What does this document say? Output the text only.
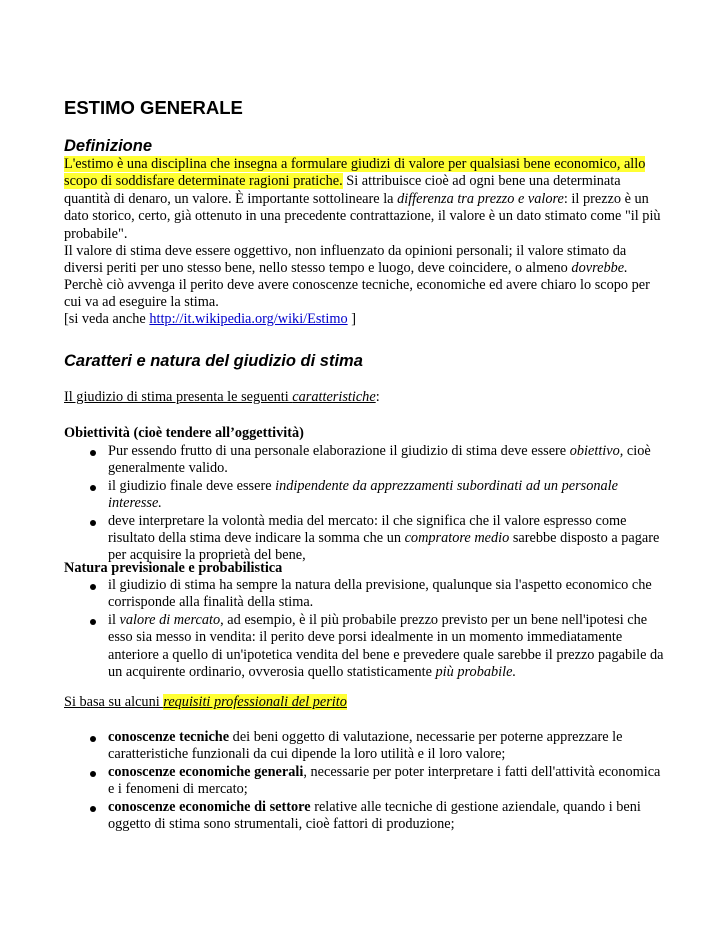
ESTIMO GENERALE
Definizione
L'estimo è una disciplina che insegna a formulare giudizi di valore per qualsiasi bene economico, allo scopo di soddisfare determinate ragioni pratiche. Si attribuisce cioè ad ogni bene una determinata quantità di denaro, un valore. È importante sottolineare la differenza tra prezzo e valore: il prezzo è un dato storico, certo, già ottenuto in una precedente contrattazione, il valore è un dato stimato come "il più probabile".
Il valore di stima deve essere oggettivo, non influenzato da opinioni personali; il valore stimato da diversi periti per uno stesso bene, nello stesso tempo e luogo, deve coincidere, o almeno dovrebbe.
Perchè ciò avvenga il perito deve avere conoscenze tecniche, economiche ed avere chiaro lo scopo per cui va ad eseguire la stima.
[si veda anche http://it.wikipedia.org/wiki/Estimo ]
Caratteri e natura del giudizio di stima
Il giudizio di stima presenta le seguenti caratteristiche:
Obiettività (cioè tendere all’oggettività)
Pur essendo frutto di una personale elaborazione il giudizio di stima deve essere obiettivo, cioè generalmente valido.
il giudizio finale deve essere indipendente da apprezzamenti subordinati ad un personale interesse.
deve interpretare la volontà media del mercato: il che significa che il valore espresso come risultato della stima deve indicare la somma che un compratore medio sarebbe disposto a pagare per acquisire la proprietà del bene,
Natura previsionale e probabilistica
il giudizio di stima ha sempre la natura della previsione, qualunque sia l'aspetto economico che corrisponde alla finalità della stima.
il valore di mercato, ad esempio, è il più probabile prezzo previsto per un bene nell'ipotesi che esso sia messo in vendita: il perito deve porsi idealmente in un momento immediatamente anteriore a quello di un'ipotetica vendita del bene e prevedere quale sarebbe il prezzo pagabile da un acquirente ordinario, ovverosia quello statisticamente più probabile.
Si basa su alcuni requisiti professionali del perito
conoscenze tecniche dei beni oggetto di valutazione, necessarie per poterne apprezzare le caratteristiche funzionali da cui dipende la loro utilità e il loro valore;
conoscenze economiche generali, necessarie per poter interpretare i fatti dell'attività economica e i fenomeni di mercato;
conoscenze economiche di settore relative alle tecniche di gestione aziendale, quando i beni oggetto di stima sono strumentali, cioè fattori di produzione;
